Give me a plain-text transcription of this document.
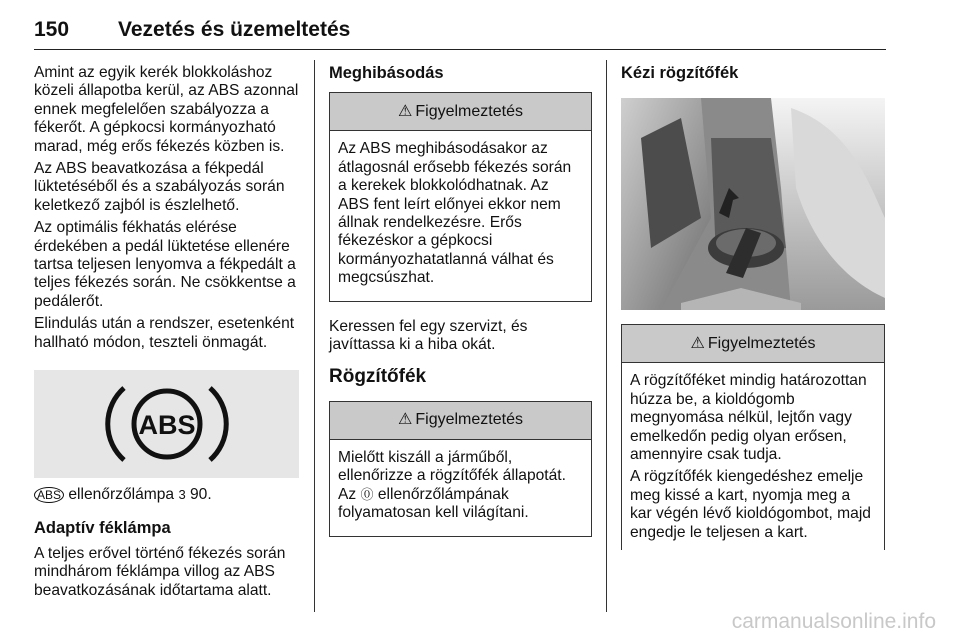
150 Vezetés és üzemeltetés

Amint az egyik kerék blokkoláshoz közeli állapotba kerül, az ABS azonnal ennek megfelelően szabályozza a fékerőt. A gépkocsi kormányozható marad, még erős fékezés közben is.

Az ABS beavatkozása a fékpedál lüktetéséből és a szabályozás során keletkező zajból is észlelhető.

Az optimális fékhatás elérése érdekében a pedál lüktetése ellenére tartsa teljesen lenyomva a fékpedált a teljes fékezés során. Ne csökkentse a pedálerőt.

Elindulás után a rendszer, esetenként hallható módon, teszteli önmagát.

ABS

ABS ellenőrzőlámpa 3 90.

Adaptív féklámpa

A teljes erővel történő fékezés során mindhárom féklámpa villog az ABS beavatkozásának időtartama alatt.

Meghibásodás
⚠ Figyelmeztetés

Az ABS meghibásodásakor az átlagosnál erősebb fékezés során a kerekek blokkolódhatnak. Az ABS fent leírt előnyei ekkor nem állnak rendelkezésre. Erős fékezéskor a gépkocsi kormányozhatatlanná válhat és megcsúszhat.

Keressen fel egy szervizt, és javíttassa ki a hiba okát.

Rögzítőfék
⚠ Figyelmeztetés

Mielőtt kiszáll a járműből, ellenőrizze a rögzítőfék állapotát. Az ⓪ ellenőrzőlámpának folyamatosan kell világítani.

Kézi rögzítőfék
⚠ Figyelmeztetés

A rögzítőféket mindig határozottan húzza be, a kioldógomb megnyomása nélkül, lejtőn vagy emelkedőn pedig olyan erősen, amennyire csak tudja.

A rögzítőfék kiengedéshez emelje meg kissé a kart, nyomja meg a kar végén lévő kioldógombot, majd engedje le teljesen a kart.

carmanualsonline.info
